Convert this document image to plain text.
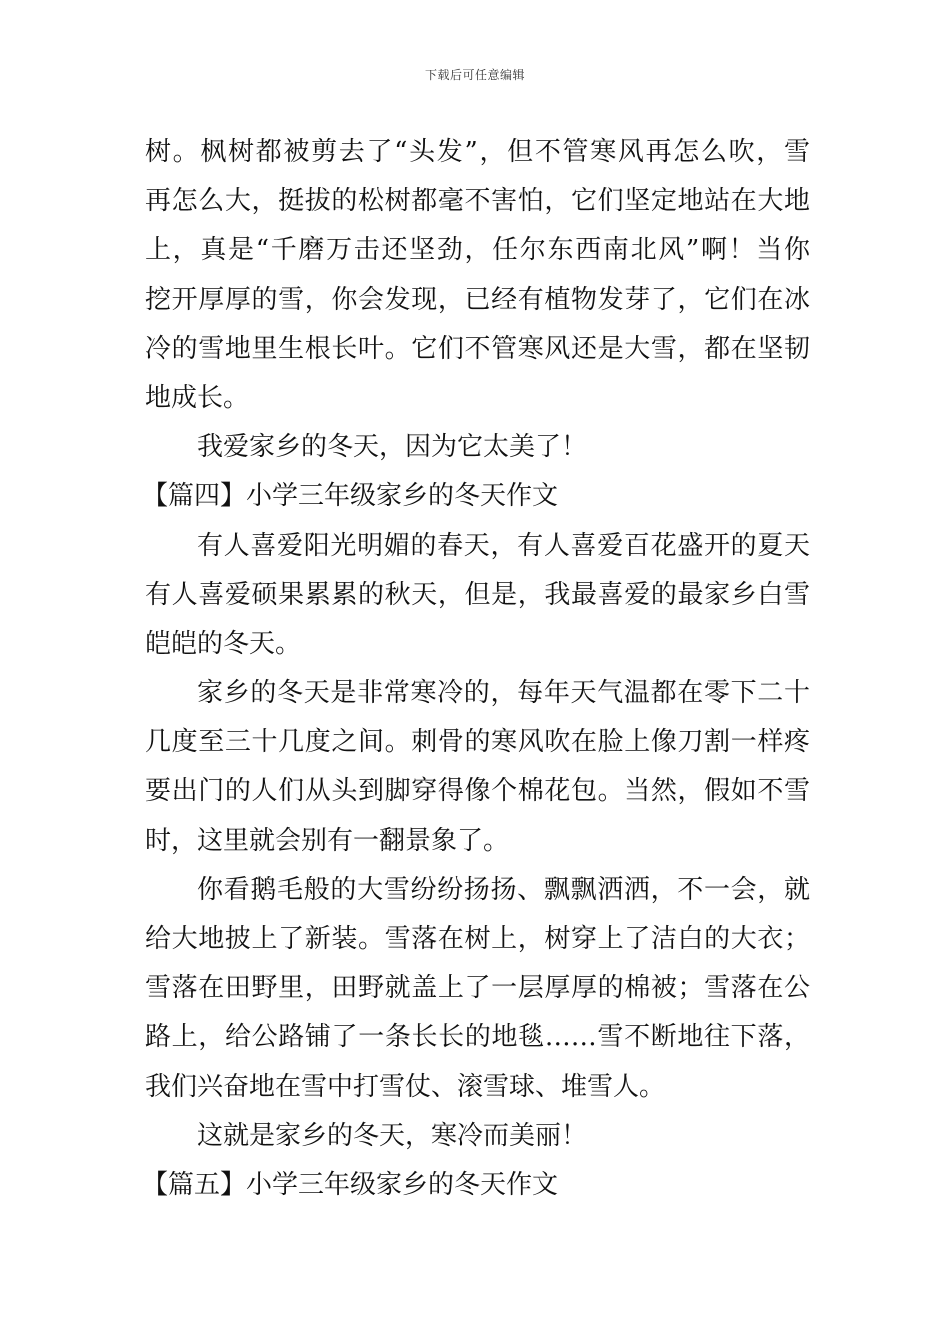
下载后可任意编辑
树。枫树都被剪去了“头发”，但不管寒风再怎么吹，雪
再怎么大，挺拔的松树都毫不害怕，它们坚定地站在大地
上，真是“千磨万击还坚劲，任尔东西南北风”啊！当你
挖开厚厚的雪，你会发现，已经有植物发芽了，它们在冰
冷的雪地里生根长叶。它们不管寒风还是大雪，都在坚韧
地成长。
我爱家乡的冬天，因为它太美了！
【篇四】小学三年级家乡的冬天作文
有人喜爱阳光明媚的春天，有人喜爱百花盛开的夏天
有人喜爱硕果累累的秋天，但是，我最喜爱的最家乡白雪
皑皑的冬天。
家乡的冬天是非常寒冷的，每年天气温都在零下二十
几度至三十几度之间。刺骨的寒风吹在脸上像刀割一样疼
要出门的人们从头到脚穿得像个棉花包。当然，假如不雪
时，这里就会别有一翻景象了。
你看鹅毛般的大雪纷纷扬扬、飘飘洒洒，不一会，就
给大地披上了新装。雪落在树上，树穿上了洁白的大衣；
雪落在田野里，田野就盖上了一层厚厚的棉被；雪落在公
路上，给公路铺了一条长长的地毯……雪不断地往下落，
我们兴奋地在雪中打雪仗、滚雪球、堆雪人。
这就是家乡的冬天，寒冷而美丽！
【篇五】小学三年级家乡的冬天作文
